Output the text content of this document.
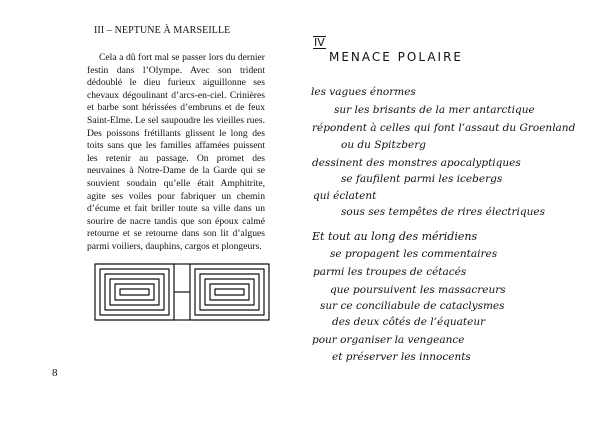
III – NEPTUNE À MARSEILLE

Cela a dû fort mal se passer lors du dernier festin dans l’Olympe. Avec son trident dédoublé le dieu furieux aiguillonne ses chevaux dégoulinant d’arcs-en-ciel. Crinières et barbe sont hérissées d’embruns et de feux Saint-Elme. Le sel saupoudre les vieilles rues. Des poissons frétillants glissent le long des toits sans que les familles affamées puissent les retenir au passage. On promet des neuvaines à Notre-Dame de la Garde qui se souvient soudain qu’elle était Amphitrite, agite ses voiles pour fabriquer un chemin d’écume et fait briller toute sa ville dans un sourire de nacre tandis que son époux calmé retourne et se retourne dans son lit d’algues parmi voiliers, dauphins, cargos et plongeurs.

8
IV
MENACE POLAIRE
les vagues énormes
sur les brisants de la mer antarctique
répondent à celles qui font l’assaut du Groenland
ou du Spitzberg
dessinent des monstres apocalyptiques
se faufilent parmi les icebergs
qui éclatent
sous ses tempêtes de rires électriques
Et tout au long des méridiens
se propagent les commentaires
parmi les troupes de cétacés
que poursuivent les massacreurs
sur ce conciliabule de cataclysmes
des deux côtés de l’équateur
pour organiser la vengeance
et préserver les innocents
